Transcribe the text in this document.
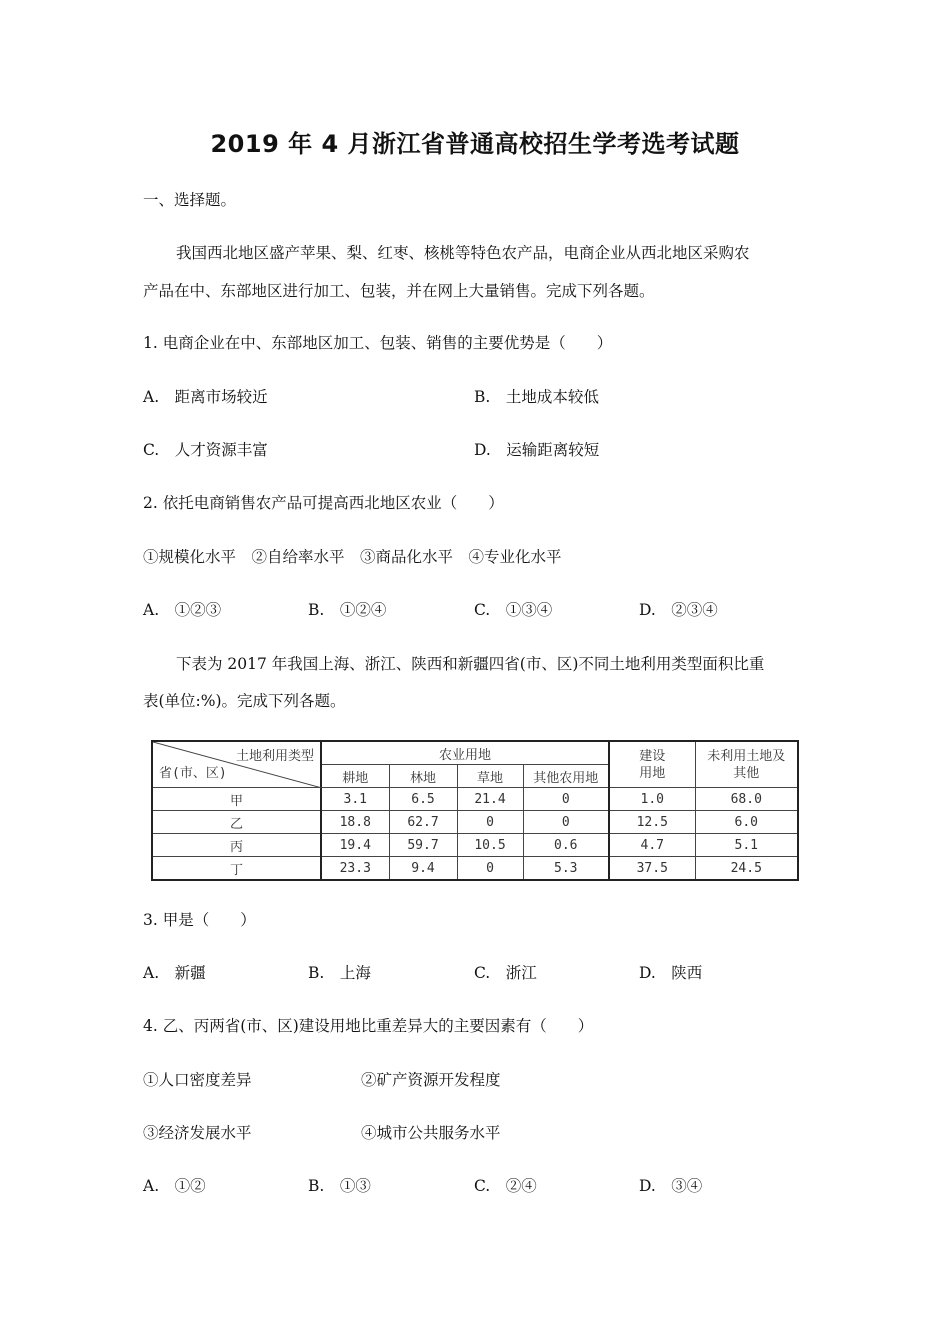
2019 年 4 月浙江省普通高校招生学考选考试题
一、选择题。
我国西北地区盛产苹果、梨、红枣、核桃等特色农产品，电商企业从西北地区采购农
产品在中、东部地区进行加工、包装，并在网上大量销售。完成下列各题。
1. 电商企业在中、东部地区加工、包装、销售的主要优势是（　　）
A.　距离市场较近	B.　土地成本较低
C.　人才资源丰富	D.　运输距离较短
2. 依托电商销售农产品可提高西北地区农业（　　）
①规模化水平　②自给率水平　③商品化水平　④专业化水平
A.　①②③	B.　①②④	C.　①③④	D.　②③④
下表为 2017 年我国上海、浙江、陕西和新疆四省(市、区)不同土地利用类型面积比重
表(单位:%)。完成下列各题。
土地利用类型
省(市、区)	农业用地				建设用地	未利用土地及其他
	耕地	林地	草地	其他农用地		
甲	3.1	6.5	21.4	0	1.0	68.0
乙	18.8	62.7	0	0	12.5	6.0
丙	19.4	59.7	10.5	0.6	4.7	5.1
丁	23.3	9.4	0	5.3	37.5	24.5
3. 甲是（　　）
A.　新疆	B.　上海	C.　浙江	D.　陕西
4. 乙、丙两省(市、区)建设用地比重差异大的主要因素有（　　）
①人口密度差异	②矿产资源开发程度
③经济发展水平	④城市公共服务水平
A.　①②	B.　①③	C.　②④	D.　③④
